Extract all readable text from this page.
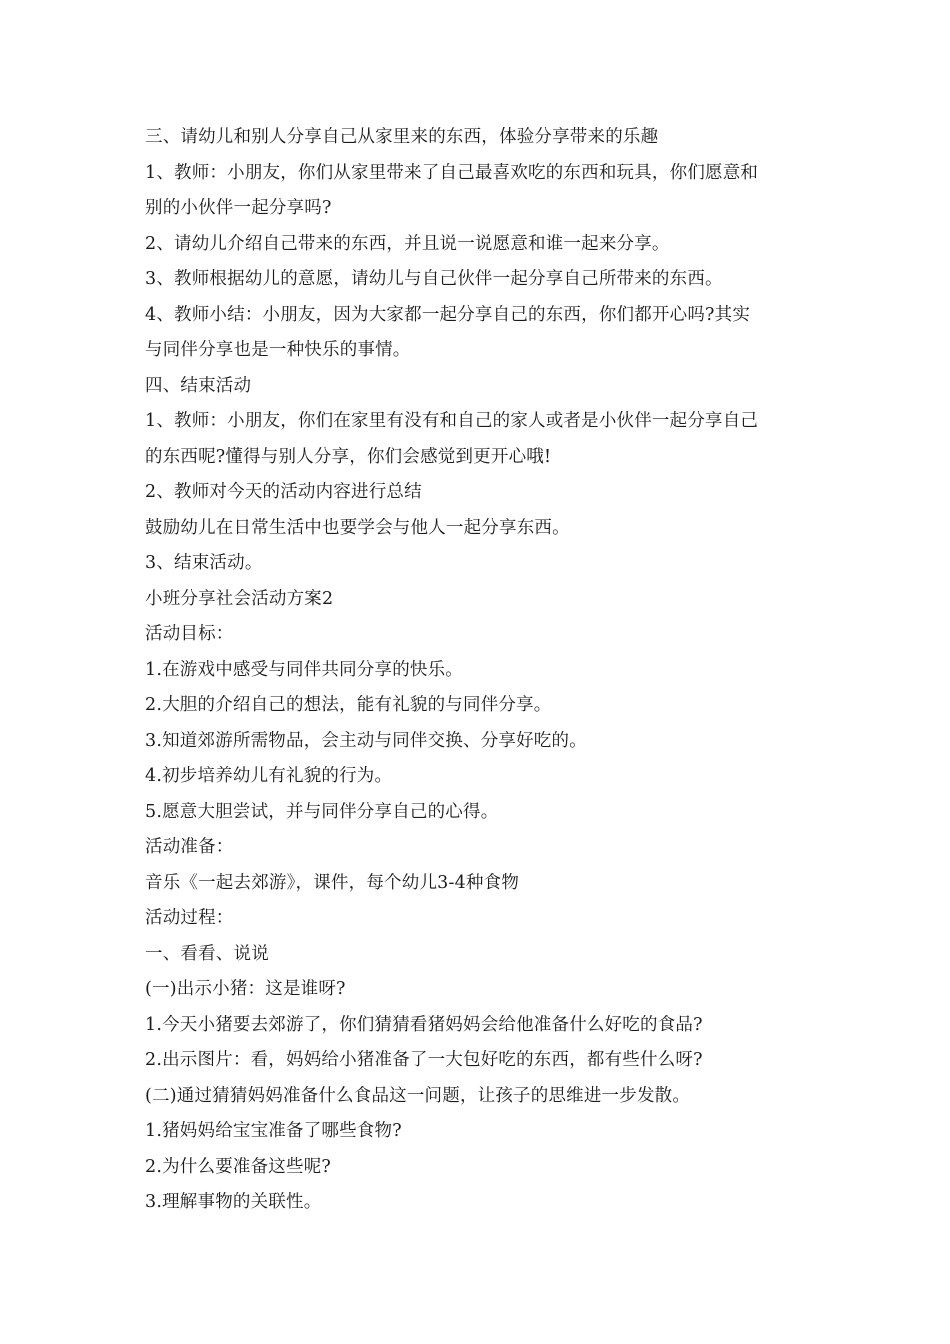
三、请幼儿和别人分享自己从家里来的东西，体验分享带来的乐趣
1、教师：小朋友，你们从家里带来了自己最喜欢吃的东西和玩具，你们愿意和
别的小伙伴一起分享吗?
2、请幼儿介绍自己带来的东西，并且说一说愿意和谁一起来分享。
3、教师根据幼儿的意愿，请幼儿与自己伙伴一起分享自己所带来的东西。
4、教师小结：小朋友，因为大家都一起分享自己的东西，你们都开心吗?其实
与同伴分享也是一种快乐的事情。
四、结束活动
1、教师：小朋友，你们在家里有没有和自己的家人或者是小伙伴一起分享自己
的东西呢?懂得与别人分享，你们会感觉到更开心哦!
2、教师对今天的活动内容进行总结
鼓励幼儿在日常生活中也要学会与他人一起分享东西。
3、结束活动。
小班分享社会活动方案2
活动目标：
1.在游戏中感受与同伴共同分享的快乐。
2.大胆的介绍自己的想法，能有礼貌的与同伴分享。
3.知道郊游所需物品，会主动与同伴交换、分享好吃的。
4.初步培养幼儿有礼貌的行为。
5.愿意大胆尝试，并与同伴分享自己的心得。
活动准备：
音乐《一起去郊游》，课件，每个幼儿3-4种食物
活动过程：
一、看看、说说
(一)出示小猪：这是谁呀?
1.今天小猪要去郊游了，你们猜猜看猪妈妈会给他准备什么好吃的食品?
2.出示图片：看，妈妈给小猪准备了一大包好吃的东西，都有些什么呀?
(二)通过猜猜妈妈准备什么食品这一问题，让孩子的思维进一步发散。
1.猪妈妈给宝宝准备了哪些食物?
2.为什么要准备这些呢?
3.理解事物的关联性。
